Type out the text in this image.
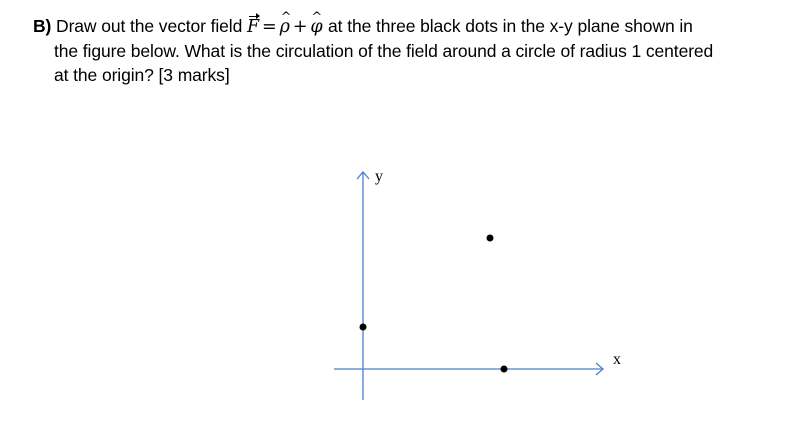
B) Draw out the vector field F = ρ ^ + φ ^ at the three black dots in the x-y plane shown in
the figure below. What is the circulation of the field around a circle of radius 1 centered
at the origin? [3 marks]
y
x
